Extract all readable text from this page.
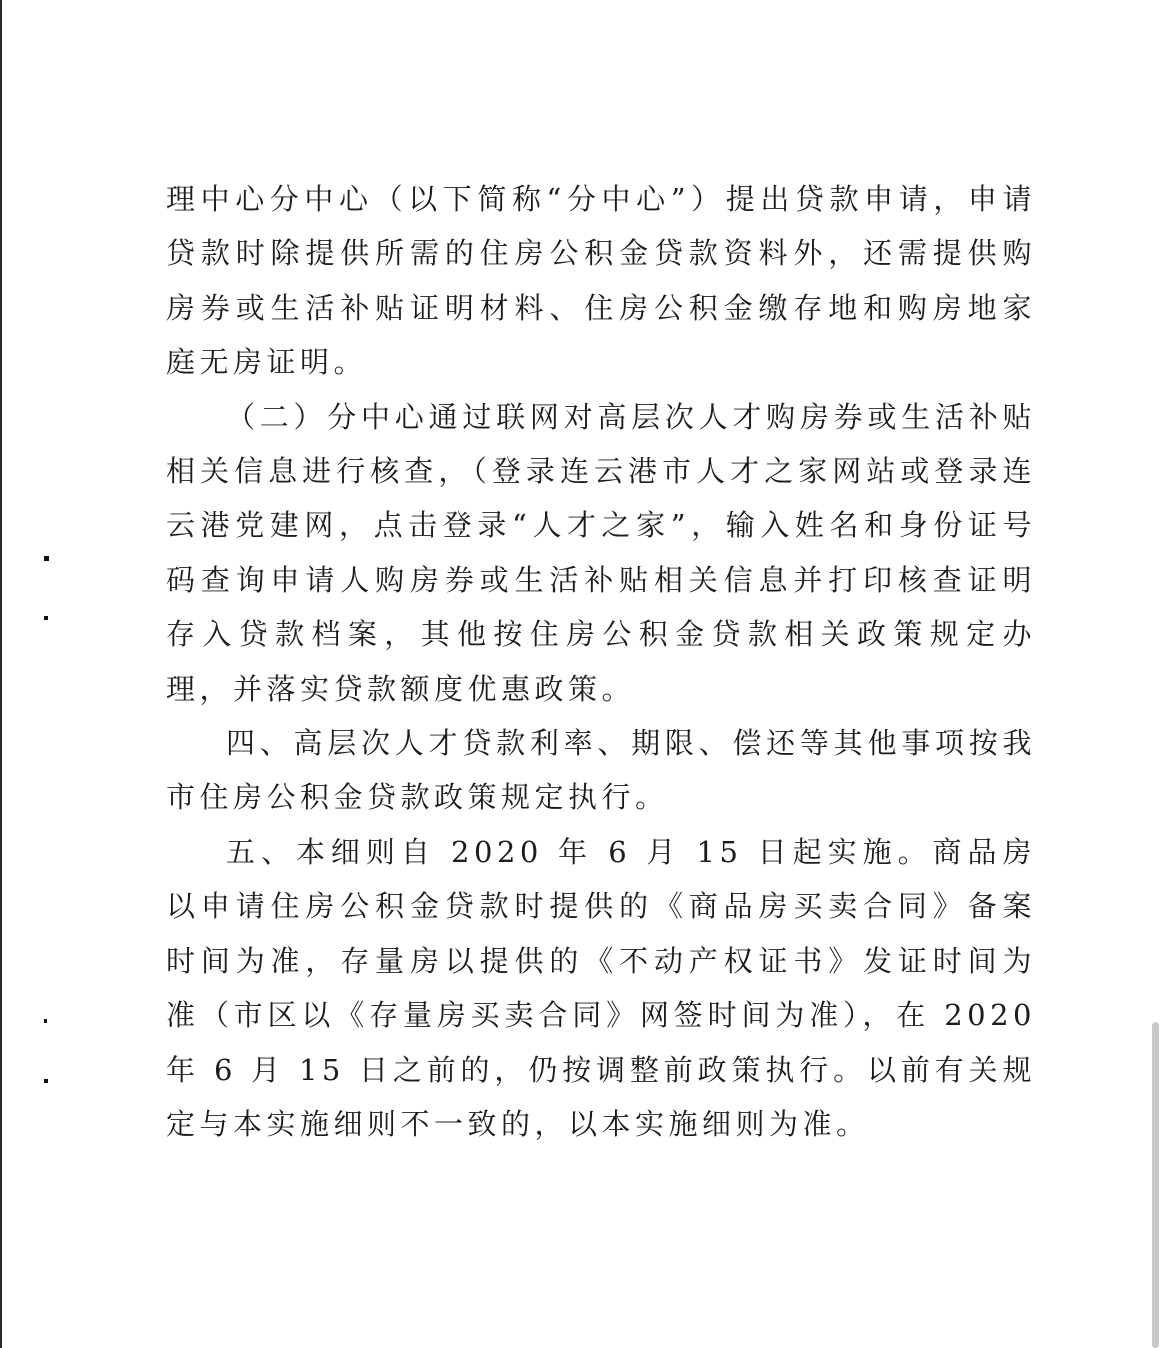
理中心分中心（以下简称“分中心”）提出贷款申请，申请贷款时除提供所需的住房公积金贷款资料外，还需提供购房券或生活补贴证明材料、住房公积金缴存地和购房地家庭无房证明。

（二）分中心通过联网对高层次人才购房券或生活补贴相关信息进行核查，（登录连云港市人才之家网站或登录连云港党建网，点击登录“人才之家”，输入姓名和身份证号码查询申请人购房券或生活补贴相关信息并打印核查证明存入贷款档案，其他按住房公积金贷款相关政策规定办理，并落实贷款额度优惠政策。

四、高层次人才贷款利率、期限、偿还等其他事项按我市住房公积金贷款政策规定执行。

五、本细则自 2020 年 6 月 15 日起实施。商品房以申请住房公积金贷款时提供的《商品房买卖合同》备案时间为准，存量房以提供的《不动产权证书》发证时间为准（市区以《存量房买卖合同》网签时间为准），在 2020 年 6 月 15 日之前的，仍按调整前政策执行。以前有关规定与本实施细则不一致的，以本实施细则为准。
